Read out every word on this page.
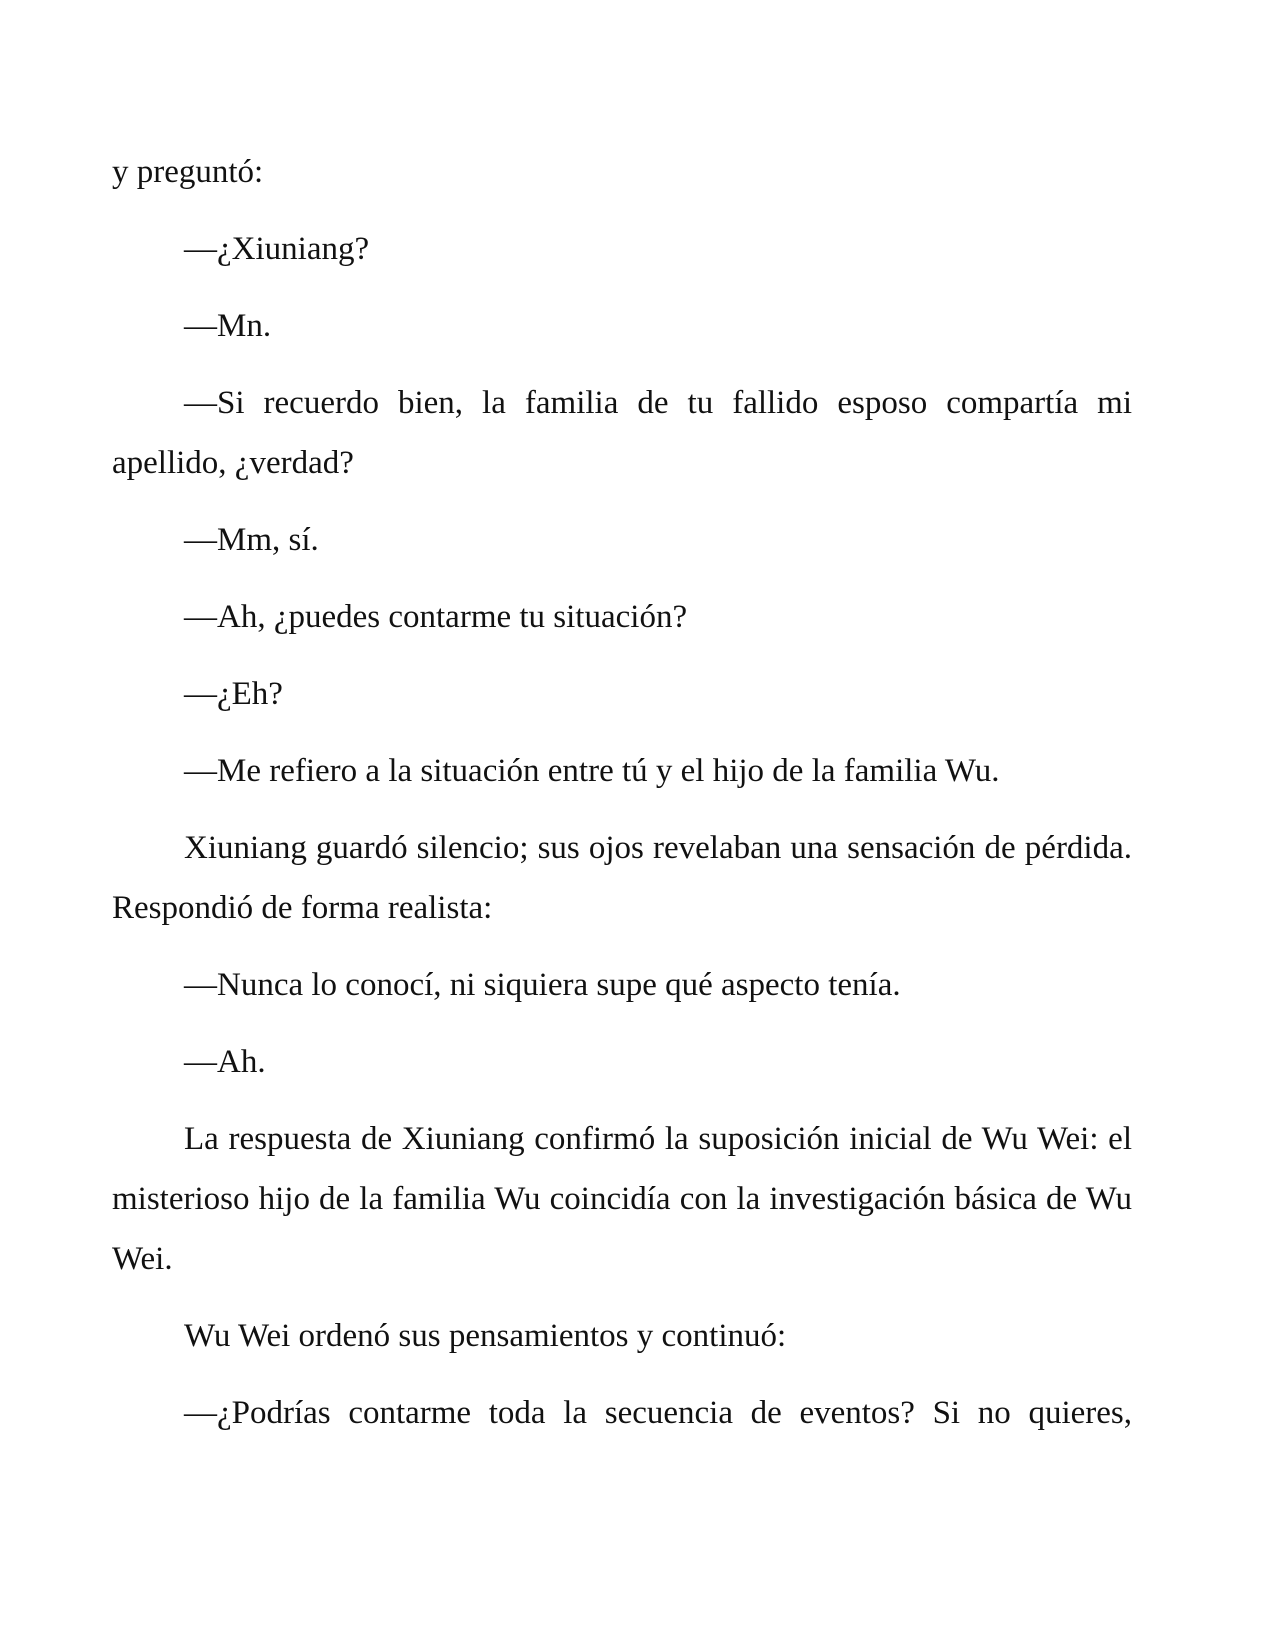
y preguntó:

—¿Xiuniang?

—Mn.

—Si recuerdo bien, la familia de tu fallido esposo compartía mi apellido, ¿verdad?

—Mm, sí.

—Ah, ¿puedes contarme tu situación?

—¿Eh?

—Me refiero a la situación entre tú y el hijo de la familia Wu.

Xiuniang guardó silencio; sus ojos revelaban una sensación de pérdida. Respondió de forma realista:

—Nunca lo conocí, ni siquiera supe qué aspecto tenía.

—Ah.

La respuesta de Xiuniang confirmó la suposición inicial de Wu Wei: el misterioso hijo de la familia Wu coincidía con la investigación básica de Wu Wei.

Wu Wei ordenó sus pensamientos y continuó:

—¿Podrías contarme toda la secuencia de eventos? Si no quieres,
